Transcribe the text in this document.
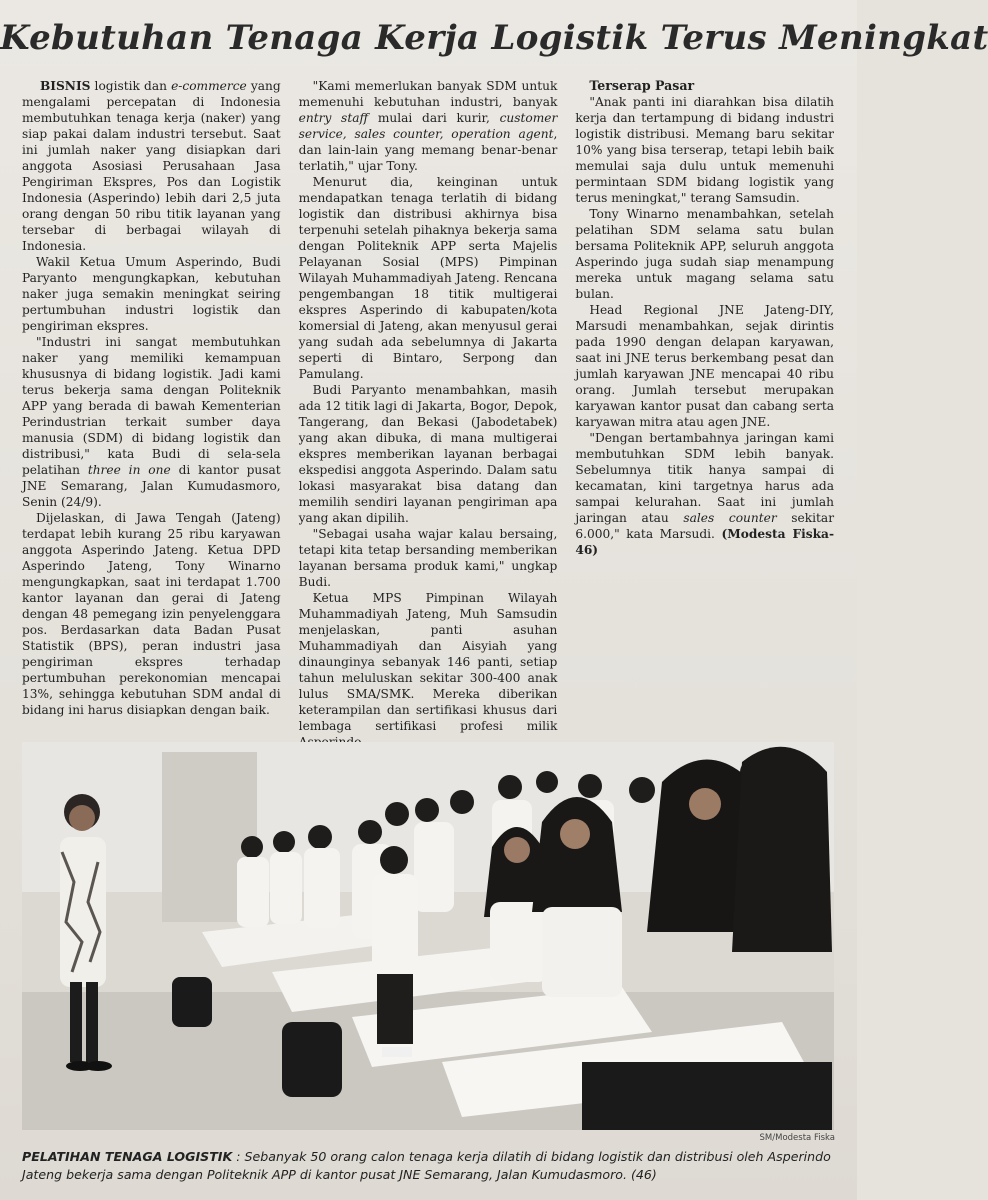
Kebutuhan Tenaga Kerja Logistik Terus Meningkat

BISNIS logistik dan e-commerce yang mengalami percepatan di Indonesia membutuhkan tenaga kerja (naker) yang siap pakai dalam industri tersebut. Saat ini jumlah naker yang disiapkan dari anggota Asosiasi Perusahaan Jasa Pengiriman Ekspres, Pos dan Logistik Indonesia (Asperindo) lebih dari 2,5 juta orang dengan 50 ribu titik layanan yang tersebar di berbagai wilayah di Indonesia.

Wakil Ketua Umum Asperindo, Budi Paryanto mengungkapkan, kebutuhan naker juga semakin meningkat seiring pertumbuhan industri logistik dan pengiriman ekspres.

"Industri ini sangat membutuhkan naker yang memiliki kemampuan khususnya di bidang logistik. Jadi kami terus bekerja sama dengan Politeknik APP yang berada di bawah Kementerian Perindustrian terkait sumber daya manusia (SDM) di bidang logistik dan distribusi," kata Budi di sela-sela pelatihan three in one di kantor pusat JNE Semarang, Jalan Kumudasmoro, Senin (24/9).

Dijelaskan, di Jawa Tengah (Jateng) terdapat lebih kurang 25 ribu karyawan anggota Asperindo Jateng. Ketua DPD Asperindo Jateng, Tony Winarno mengungkapkan, saat ini terdapat 1.700 kantor layanan dan gerai di Jateng dengan 48 pemegang izin penyelenggara pos. Berdasarkan data Badan Pusat Statistik (BPS), peran industri jasa pengiriman ekspres terhadap pertumbuhan perekonomian mencapai 13%, sehingga kebutuhan SDM andal di bidang ini harus disiapkan dengan baik.

"Kami memerlukan banyak SDM untuk memenuhi kebutuhan industri, banyak entry staff mulai dari kurir, customer service, sales counter, operation agent, dan lain-lain yang memang benar-benar terlatih," ujar Tony.

Menurut dia, keinginan untuk mendapatkan tenaga terlatih di bidang logistik dan distribusi akhirnya bisa terpenuhi setelah pihaknya bekerja sama dengan Politeknik APP serta Majelis Pelayanan Sosial (MPS) Pimpinan Wilayah Muhammadiyah Jateng. Rencana pengembangan 18 titik multigerai ekspres Asperindo di kabupaten/kota komersial di Jateng, akan menyusul gerai yang sudah ada sebelumnya di Jakarta seperti di Bintaro, Serpong dan Pamulang.

Budi Paryanto menambahkan, masih ada 12 titik lagi di Jakarta, Bogor, Depok, Tangerang, dan Bekasi (Jabodetabek) yang akan dibuka, di mana multigerai ekspres memberikan layanan berbagai ekspedisi anggota Asperindo. Dalam satu lokasi masyarakat bisa datang dan memilih sendiri layanan pengiriman apa yang akan dipilih.

"Sebagai usaha wajar kalau bersaing, tetapi kita tetap bersanding memberikan layanan bersama produk kami," ungkap Budi.

Ketua MPS Pimpinan Wilayah Muhammadiyah Jateng, Muh Samsudin menjelaskan, panti asuhan Muhammadiyah dan Aisyiah yang dinaunginya sebanyak 146 panti, setiap tahun meluluskan sekitar 300-400 anak lulus SMA/SMK. Mereka diberikan keterampilan dan sertifikasi khusus dari lembaga sertifikasi profesi milik

Terserap Pasar

"Anak panti ini diarahkan bisa dilatih kerja dan tertampung di bidang industri logistik distribusi. Memang baru sekitar 10% yang bisa terserap, tetapi lebih baik memulai saja dulu untuk memenuhi permintaan SDM bidang logistik yang terus meningkat," terang Samsudin.

Tony Winarno menambahkan, setelah pelatihan SDM selama satu bulan bersama Politeknik APP, seluruh anggota Asperindo juga sudah siap menampung mereka untuk magang selama satu bulan.

Head Regional JNE Jateng-DIY, Marsudi menambahkan, sejak dirintis pada 1990 dengan delapan karyawan, saat ini JNE terus berkembang pesat dan jumlah karyawan JNE mencapai 40 ribu orang. Jumlah tersebut merupakan karyawan kantor pusat dan cabang serta karyawan mitra atau agen JNE.

"Dengan bertambahnya jaringan kami membutuhkan SDM lebih banyak. Sebelumnya titik hanya sampai di kecamatan, kini targetnya harus ada sampai kelurahan. Saat ini jumlah jaringan atau sales counter sekitar 6.000," kata Marsudi. (Modesta Fiska-46)

SM/Modesta Fiska
PELATIHAN TENAGA LOGISTIK : Sebanyak 50 orang calon tenaga kerja dilatih di bidang logistik dan distribusi oleh Asperindo Jateng bekerja sama dengan Politeknik APP di kantor pusat JNE Semarang, Jalan Kumudasmoro. (46)
